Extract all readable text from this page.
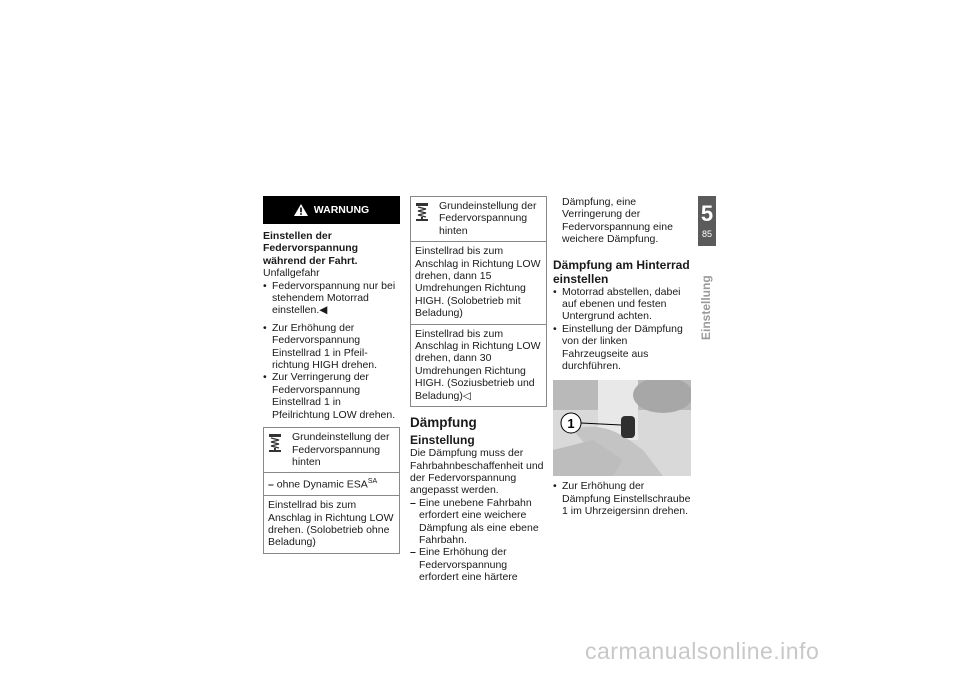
WARNUNG
Einstellen der Federvorspannung während der Fahrt.
Unfallgefahr
• Federvorspannung nur bei stehendem Motorrad einstellen.◀
• Zur Erhöhung der Federvorspannung Einstellrad 1 in Pfeilrichtung HIGH drehen.
• Zur Verringerung der Federvorspannung Einstellrad 1 in Pfeilrichtung LOW drehen.
Grundeinstellung der Federvorspannung hinten
– ohne Dynamic $ESA^{SA}$
Einstellrad bis zum Anschlag in Richtung LOW drehen. (Solobetrieb ohne Beladung)
Grundeinstellung der Federvorspannung hinten
Einstellrad bis zum Anschlag in Richtung LOW drehen, dann 15 Umdrehungen Richtung HIGH. (Solobetrieb mit Beladung)
Einstellrad bis zum Anschlag in Richtung LOW drehen, dann 30 Umdrehungen Richtung HIGH. (Soziusbetrieb und Beladung)◁
Dämpfung
Einstellung
Die Dämpfung muss der Fahrbahnbeschaffenheit und der Federvorspannung angepasst werden.
– Eine unebene Fahrbahn erfordert eine weichere Dämpfung als eine ebene Fahrbahn.
– Eine Erhöhung der Federvorspannung erfordert eine härtere
Dämpfung, eine Verringerung der Federvorspannung eine weichere Dämpfung.
Dämpfung am Hinterrad einstellen
• Motorrad abstellen, dabei auf ebenen und festen Untergrund achten.
• Einstellung der Dämpfung von der linken Fahrzeugseite aus durchführen.
1
• Zur Erhöhung der Dämpfung Einstellschraube 1 im Uhrzeigersinn drehen.
5
85
Einstellung
carmanualsonline.info
